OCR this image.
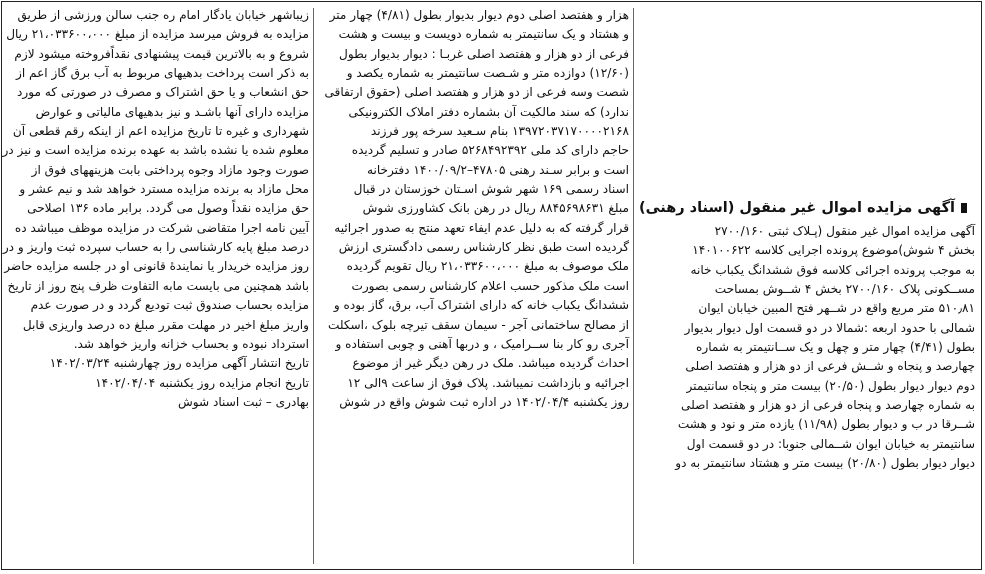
آگهی مزایده اموال غیر منقول (اسناد رهنی)

آگهی مزایده اموال غیر منقول (پـلاک ثبتی ۲۷۰۰/۱۶۰

بخش ۴ شوش)موضوع پرونده اجرایی کلاسه ۱۴۰۱۰۰۶۲۲

به موجب پرونده اجرائی کلاسه فوق ششدانگ یکباب خانه

مســکونی پلاک ۲۷۰۰/۱۶۰ بخش ۴ شــوش بمساحت

۵۱۰٫۸۱ متر مربع واقع در شــهر فتح المبین خیابان ایوان

شمالی با حدود اربعه :شمالا در دو قسمت اول دیوار بدیوار

بطول (۴/۴۱) چهار متر و چهل و یک ســانتیمتر به شماره

چهارصد و پنجاه و شــش فرعی از دو هزار و هفتصد اصلی

دوم دیوار دیوار بطول (۲۰/۵۰) بیست متر و پنجاه سانتیمتر

به شماره چهارصد و پنجاه فرعی از دو هزار و هفتصد اصلی

شــرقا در ب و دیوار بطول (۱۱/۹۸) یازده متر و نود و هشت

سانتیمتر به خیابان ایوان شــمالی جنوبا: در دو قسمت اول

دیوار دیوار بطول (۲۰/۸۰) بیست متر و هشتاد سانتیمتر به دو

هزار و هفتصد اصلی دوم دیوار بدیوار بطول (۴/۸۱) چهار متر

و هشتاد و یک سانتیمتر به شماره دویست و بیست و هشت

فرعی از دو هزار و هفتصد اصلی غربـا : دیوار بدیوار بطول

(۱۲/۶۰) دوازده متر و شـصت سانتیمتر به شماره یکصد و

شصت وسه فرعی از دو هزار و هفتصد اصلی (حقوق ارتفاقی

ندارد) که سند مالکیت آن بشماره دفتر املاک الکترونیکی

۱۳۹۷۲۰۳۷۱۷۰۰۰۰۲۱۶۸ بنام سـعید سرخه پور فرزند

حاجم دارای کد ملی ۵۲۶۸۴۹۲۳۹۲ صادر و تسلیم گردیده

است و برابر سـند رهنی ۴۷۸۰۵–۱۴۰۰/۰۹/۲ دفترخانه

اسناد رسمی ۱۶۹ شهر شوش اسـتان خوزستان در قبال

مبلغ ۸۸۴۵۶۹۸۶۳۱ ریال در رهن بانک کشاورزی شوش

قرار گرفته که به دلیل عدم ایفاء تعهد منتج به صدور اجرائیه

گردیده است طبق نظر کارشناس رسمی دادگستری ارزش

ملک موصوف به مبلغ ۲۱،۰۳۳۶۰۰،۰۰۰ ریال تقویم گردیده

است ملک مذکور حسب اعلام کارشناس رسمی بصورت

ششدانگ یکباب خانه که دارای اشتراک آب، برق، گاز بوده و

از مصالح ساختمانی آجر - سیمان سقف تیرچه بلوک ،اسکلت

آجری رو کار بنا ســرامیک ، و دربها آهنی و چوبی استفاده و

احداث گردیده میباشد. ملک در رهن دیگر غیر از موضوع

اجرائیه و بازداشت نمیباشد. پلاک فوق از ساعت ۹الی ۱۲

روز یکشنبه ۱۴۰۲/۰۴/۴ در اداره ثبت شوش واقع در شوش

زیباشهر خیابان یادگار امام ره جنب سالن ورزشی از طریق

مزایده به فروش میرسد مزایده از مبلغ ۲۱،۰۳۳۶۰۰،۰۰۰ ریال

شروع و به بالاترین قیمت پیشنهادی نقداًفروخته میشود لازم

به ذکر است پرداخت بدهیهای مربوط به آب برق گاز اعم از

حق انشعاب و یا حق اشتراک و مصرف در صورتی که مورد

مزایده دارای آنها باشـد و نیز بدهیهای مالیاتی و عوارض

شهرداری و غیره تا تاریخ مزایده اعم از اینکه رقم قطعی آن

معلوم شده یا نشده باشد به عهده برنده مزایده است و نیز در

صورت وجود مازاد وجوه پرداختی بابت هزینههای فوق از

محل مازاد به برنده مزایده مسترد خواهد شد و نیم عشر و

حق مزایده نقداً وصول می گردد. برابر ماده ۱۳۶ اصلاحی

آیین نامه اجرا متقاضی شرکت در مزایده موظف میباشد ده

درصد مبلغ پایه کارشناسی را به حساب سپرده ثبت واریز و در

روز مزایده خریدار یا نمایندهٔ قانونی او در جلسه مزایده حاضر

باشد همچنین می بایست مابه التفاوت ظرف پنج روز از تاریخ

مزایده بحساب صندوق ثبت تودیع گردد و در صورت عدم

واریز مبلغ اخیر در مهلت مقرر مبلغ ده درصد واریزی قابل

استرداد نبوده و بحساب خزانه واریز خواهد شد.

تاریخ انتشار آگهی مزایده روز چهارشنبه ۱۴۰۲/۰۳/۲۴

تاریخ انجام مزایده روز یکشنبه ۱۴۰۲/۰۴/۰۴

بهادری – ثبت اسناد شوش
